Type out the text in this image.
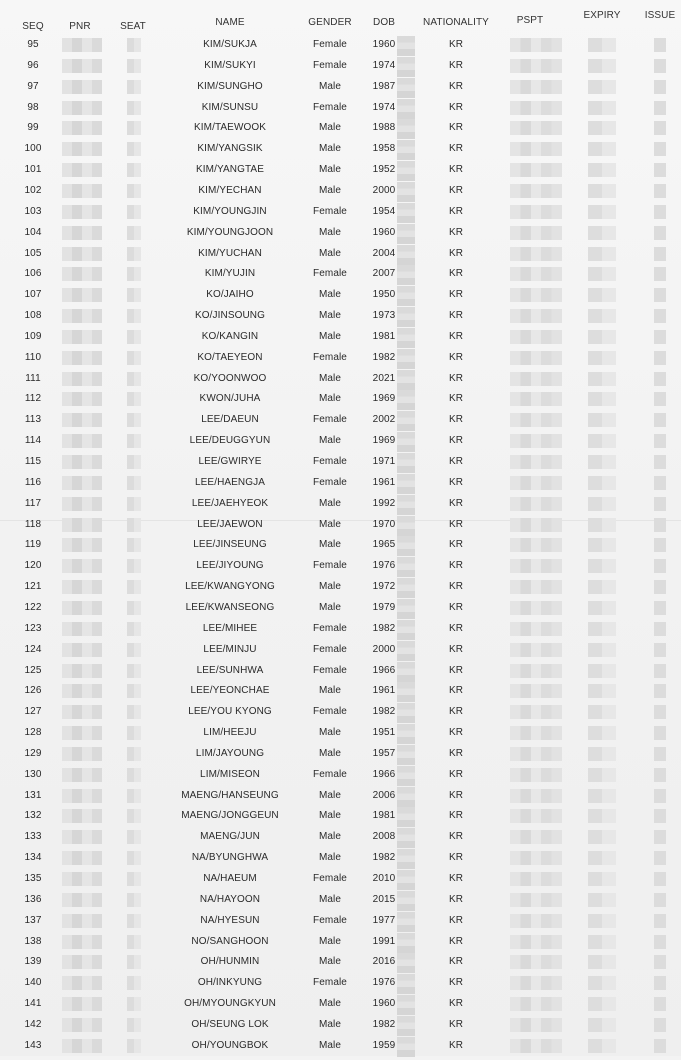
SEQ	PNR	SEAT	NAME	GENDER DOB	NATIONALITY	PSPT	EXPIRY ISSUE
95	KIM/SUKJA	Female	1960	KR
96	KIM/SUKYI	Female	1974	KR
97	KIM/SUNGHO	Male	1987	KR
98	KIM/SUNSU	Female	1974	KR
99	KIM/TAEWOOK	Male	1988	KR
100	KIM/YANGSIK	Male	1958	KR
101	KIM/YANGTAE	Male	1952	KR
102	KIM/YECHAN	Male	2000	KR
103	KIM/YOUNGJIN	Female	1954	KR
104	KIM/YOUNGJOON	Male	1960	KR
105	KIM/YUCHAN	Male	2004	KR
106	KIM/YUJIN	Female	2007	KR
107	KO/JAIHO	Male	1950	KR
108	KO/JINSOUNG	Male	1973	KR
109	KO/KANGIN	Male	1981	KR
110	KO/TAEYEON	Female	1982	KR
111	KO/YOONWOO	Male	2021	KR
112	KWON/JUHA	Male	1969	KR
113	LEE/DAEUN	Female	2002	KR
114	LEE/DEUGGYUN	Male	1969	KR
115	LEE/GWIRYE	Female	1971	KR
116	LEE/HAENGJA	Female	1961	KR
117	LEE/JAEHYEOK	Male	1992	KR
118	LEE/JAEWON	Male	1970	KR
119	LEE/JINSEUNG	Male	1965	KR
120	LEE/JIYOUNG	Female	1976	KR
121	LEE/KWANGYONG	Male	1972	KR
122	LEE/KWANSEONG	Male	1979	KR
123	LEE/MIHEE	Female	1982	KR
124	LEE/MINJU	Female	2000	KR
125	LEE/SUNHWA	Female	1966	KR
126	LEE/YEONCHAE	Male	1961	KR
127	LEE/YOU KYONG	Female	1982	KR
128	LIM/HEEJU	Male	1951	KR
129	LIM/JAYOUNG	Male	1957	KR
130	LIM/MISEON	Female	1966	KR
131	MAENG/HANSEUNG	Male	2006	KR
132	MAENG/JONGGEUN	Male	1981	KR
133	MAENG/JUN	Male	2008	KR
134	NA/BYUNGHWA	Male	1982	KR
135	NA/HAEUM	Female	2010	KR
136	NA/HAYOON	Male	2015	KR
137	NA/HYESUN	Female	1977	KR
138	NO/SANGHOON	Male	1991	KR
139	OH/HUNMIN	Male	2016	KR
140	OH/INKYUNG	Female	1976	KR
141	OH/MYOUNGKYUN	Male	1960	KR
142	OH/SEUNG LOK	Male	1982	KR
143	OH/YOUNGBOK	Male	1959	KR
